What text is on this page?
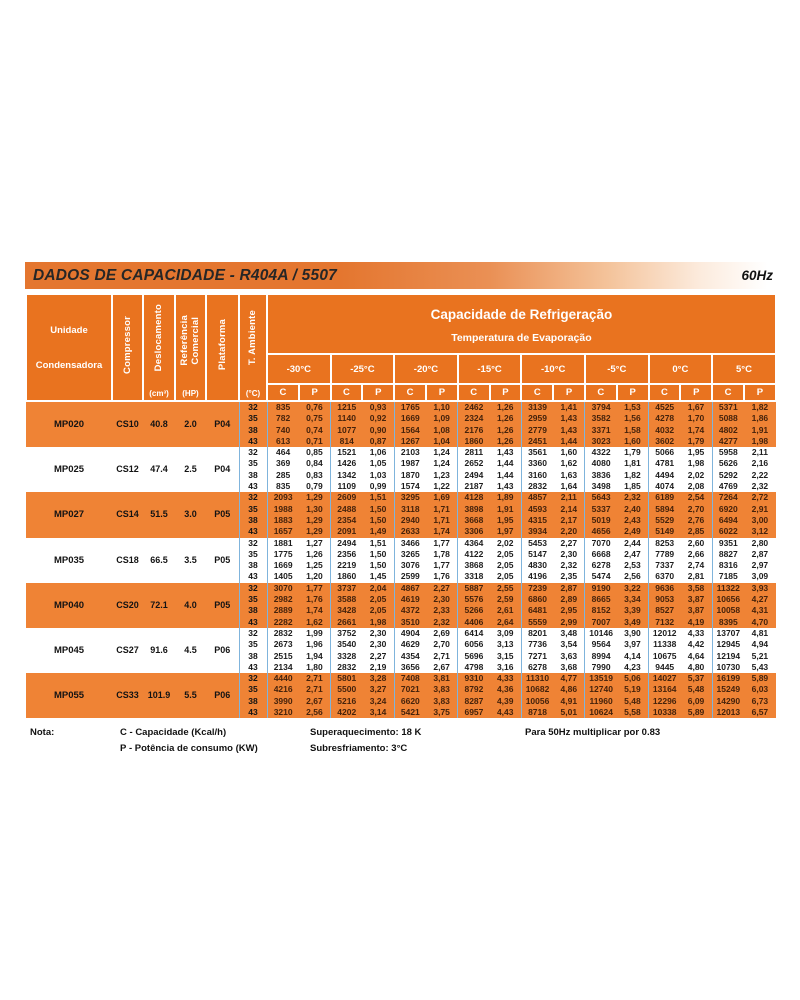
DADOS DE CAPACIDADE - R404A / 5507	60Hz
Unidade
Condensadora	Compressor	Deslocamento
(cm³)

Referência Comercial
(HP)
	Plataforma	T. Ambiente
(°C)

Capacidade de Refrigeração
Temperatura de Evaporação

						-30°C		-25°C		-20°C		-15°C		-10°C		-5°C		0°C		5°C	
						C	P	C	P	C	P	C	P	C	P	C	P	C	P	C	P
MP020	CS10	40.8	2.0	P04	32	835	0,76	1215	0,93	1765	1,10	2462	1,26	3139	1,41	3794	1,53	4525	1,67	5371	1,82
					35	782	0,75	1140	0,92	1669	1,09	2324	1,26	2959	1,43	3582	1,56	4278	1,70	5088	1,86
					38	740	0,74	1077	0,90	1564	1,08	2176	1,26	2779	1,43	3371	1,58	4032	1,74	4802	1,91
					43	613	0,71	814	0,87	1267	1,04	1860	1,26	2451	1,44	3023	1,60	3602	1,79	4277	1,98
MP025	CS12	47.4	2.5	P04	32	464	0,85	1521	1,06	2103	1,24	2811	1,43	3561	1,60	4322	1,79	5066	1,95	5958	2,11
					35	369	0,84	1426	1,05	1987	1,24	2652	1,44	3360	1,62	4080	1,81	4781	1,98	5626	2,16
					38	285	0,83	1342	1,03	1870	1,23	2494	1,44	3160	1,63	3836	1,82	4494	2,02	5292	2,22
					43	835	0,79	1109	0,99	1574	1,22	2187	1,43	2832	1,64	3498	1,85	4074	2,08	4769	2,32
MP027	CS14	51.5	3.0	P05	32	2093	1,29	2609	1,51	3295	1,69	4128	1,89	4857	2,11	5643	2,32	6189	2,54	7264	2,72
					35	1988	1,30	2488	1,50	3118	1,71	3898	1,91	4593	2,14	5337	2,40	5894	2,70	6920	2,91
					38	1883	1,29	2354	1,50	2940	1,71	3668	1,95	4315	2,17	5019	2,43	5529	2,76	6494	3,00
					43	1657	1,29	2091	1,49	2633	1,74	3306	1,97	3934	2,20	4656	2,49	5149	2,85	6022	3,12
MP035	CS18	66.5	3.5	P05	32	1881	1,27	2494	1,51	3466	1,77	4364	2,02	5453	2,27	7070	2,44	8253	2,60	9351	2,80
					35	1775	1,26	2356	1,50	3265	1,78	4122	2,05	5147	2,30	6668	2,47	7789	2,66	8827	2,87
					38	1669	1,25	2219	1,50	3076	1,77	3868	2,05	4830	2,32	6278	2,53	7337	2,74	8316	2,97
					43	1405	1,20	1860	1,45	2599	1,76	3318	2,05	4196	2,35	5474	2,56	6370	2,81	7185	3,09
MP040	CS20	72.1	4.0	P05	32	3070	1,77	3737	2,04	4867	2,27	5887	2,55	7239	2,87	9190	3,22	9636	3,58	11322	3,93
					35	2982	1,76	3588	2,05	4619	2,30	5576	2,59	6860	2,89	8665	3,34	9053	3,87	10656	4,27
					38	2889	1,74	3428	2,05	4372	2,33	5266	2,61	6481	2,95	8152	3,39	8527	3,87	10058	4,31
					43	2282	1,62	2661	1,98	3510	2,32	4406	2,64	5559	2,99	7007	3,49	7132	4,19	8395	4,70
MP045	CS27	91.6	4.5	P06	32	2832	1,99	3752	2,30	4904	2,69	6414	3,09	8201	3,48	10146	3,90	12012	4,33	13707	4,81
					35	2673	1,96	3540	2,30	4629	2,70	6056	3,13	7736	3,54	9564	3,97	11338	4,42	12945	4,94
					38	2515	1,94	3328	2,27	4354	2,71	5696	3,15	7271	3,63	8994	4,14	10675	4,64	12194	5,21
					43	2134	1,80	2832	2,19	3656	2,67	4798	3,16	6278	3,68	7990	4,23	9445	4,80	10730	5,43
MP055	CS33	101.9	5.5	P06	32	4440	2,71	5801	3,28	7408	3,81	9310	4,33	11310	4,77	13519	5,06	14027	5,37	16199	5,89
					35	4216	2,71	5500	3,27	7021	3,83	8792	4,36	10682	4,86	12740	5,19	13164	5,48	15249	6,03
					38	3990	2,67	5216	3,24	6620	3,83	8287	4,39	10056	4,91	11960	5,48	12296	6,09	14290	6,73
					43	3210	2,56	4202	3,14	5421	3,75	6957	4,43	8718	5,01	10624	5,58	10338	5,89	12013	6,57
Nota:	C - Capacidade (Kcal/h)
P - Potência de consumo (KW)
Superaquecimento: 18 K
Subresfriamento: 3°C
Para 50Hz multiplicar por 0.83
